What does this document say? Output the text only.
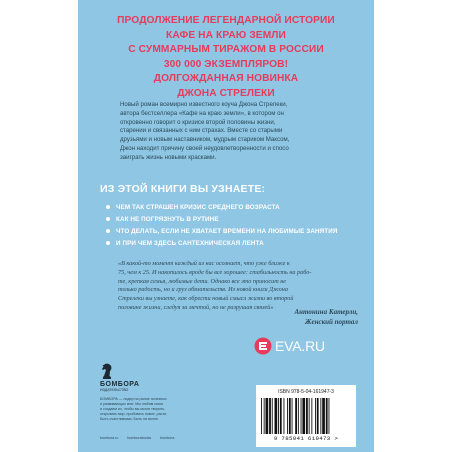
ПРОДОЛЖЕНИЕ ЛЕГЕНДАРНОЙ ИСТОРИИ
КАФЕ НА КРАЮ ЗЕМЛИ
С СУММАРНЫМ ТИРАЖОМ В РОССИИ
300 000 ЭКЗЕМПЛЯРОВ!
ДОЛГОЖДАННАЯ НОВИНКА
ДЖОНА СТРЕЛЕКИ
Новый роман всемирно известного коуча Джона Стрелеки,
автора бестселлера «Кафе на краю земли», в котором он
откровенно говорит о кризисе второй половины жизни,
старении и связанных с ним страхах. Вместе со старыми
друзьями и новым наставником, мудрым стариком Максом,
Джон находит причину своей неудовлетворенности и спосо
заиграть жизнь новыми красками.
ИЗ ЭТОЙ КНИГИ ВЫ УЗНАЕТЕ:
ЧЕМ ТАК СТРАШЕН КРИЗИС СРЕДНЕГО ВОЗРАСТА
КАК НЕ ПОГРЯЗНУТЬ В РУТИНЕ
ЧТО ДЕЛАТЬ, ЕСЛИ НЕ ХВАТАЕТ ВРЕМЕНИ НА ЛЮБИМЫЕ ЗАНЯТИЯ
И ПРИ ЧЕМ ЗДЕСЬ САНТЕХНИЧЕСКАЯ ЛЕНТА
«В какой-то момент каждый из нас осознает, что уже ближе к
75, чем к 25. И накопилось вроде бы все хорошее: стабильность на рабо-
те, крепкая семья, любимые дети. Однако все это приносит не
только радость, но и груз обязательств. Из новой книги Джона
Стрелеки вы узнаете, как обрести новый смысл жизни во второй
половине жизни, следуя за мечтой, но не разрушая связей»
Антонина Катерли,
Женский портал
EVA.RU
БОМБОРА
ИЗДАТЕЛЬСТВО
БОМБОРА — лидер на рынке полезных
и развивающих книг. Мы любим книги
и создаем их, чтобы вы могли творить,
открывать мир, пробовать новое, расти.
Быть счастливыми. Быть на волне.
bombora.ru	bomborabooks	bombora
ISBN 978-5-04-161947-3
9 785041 619473 >
